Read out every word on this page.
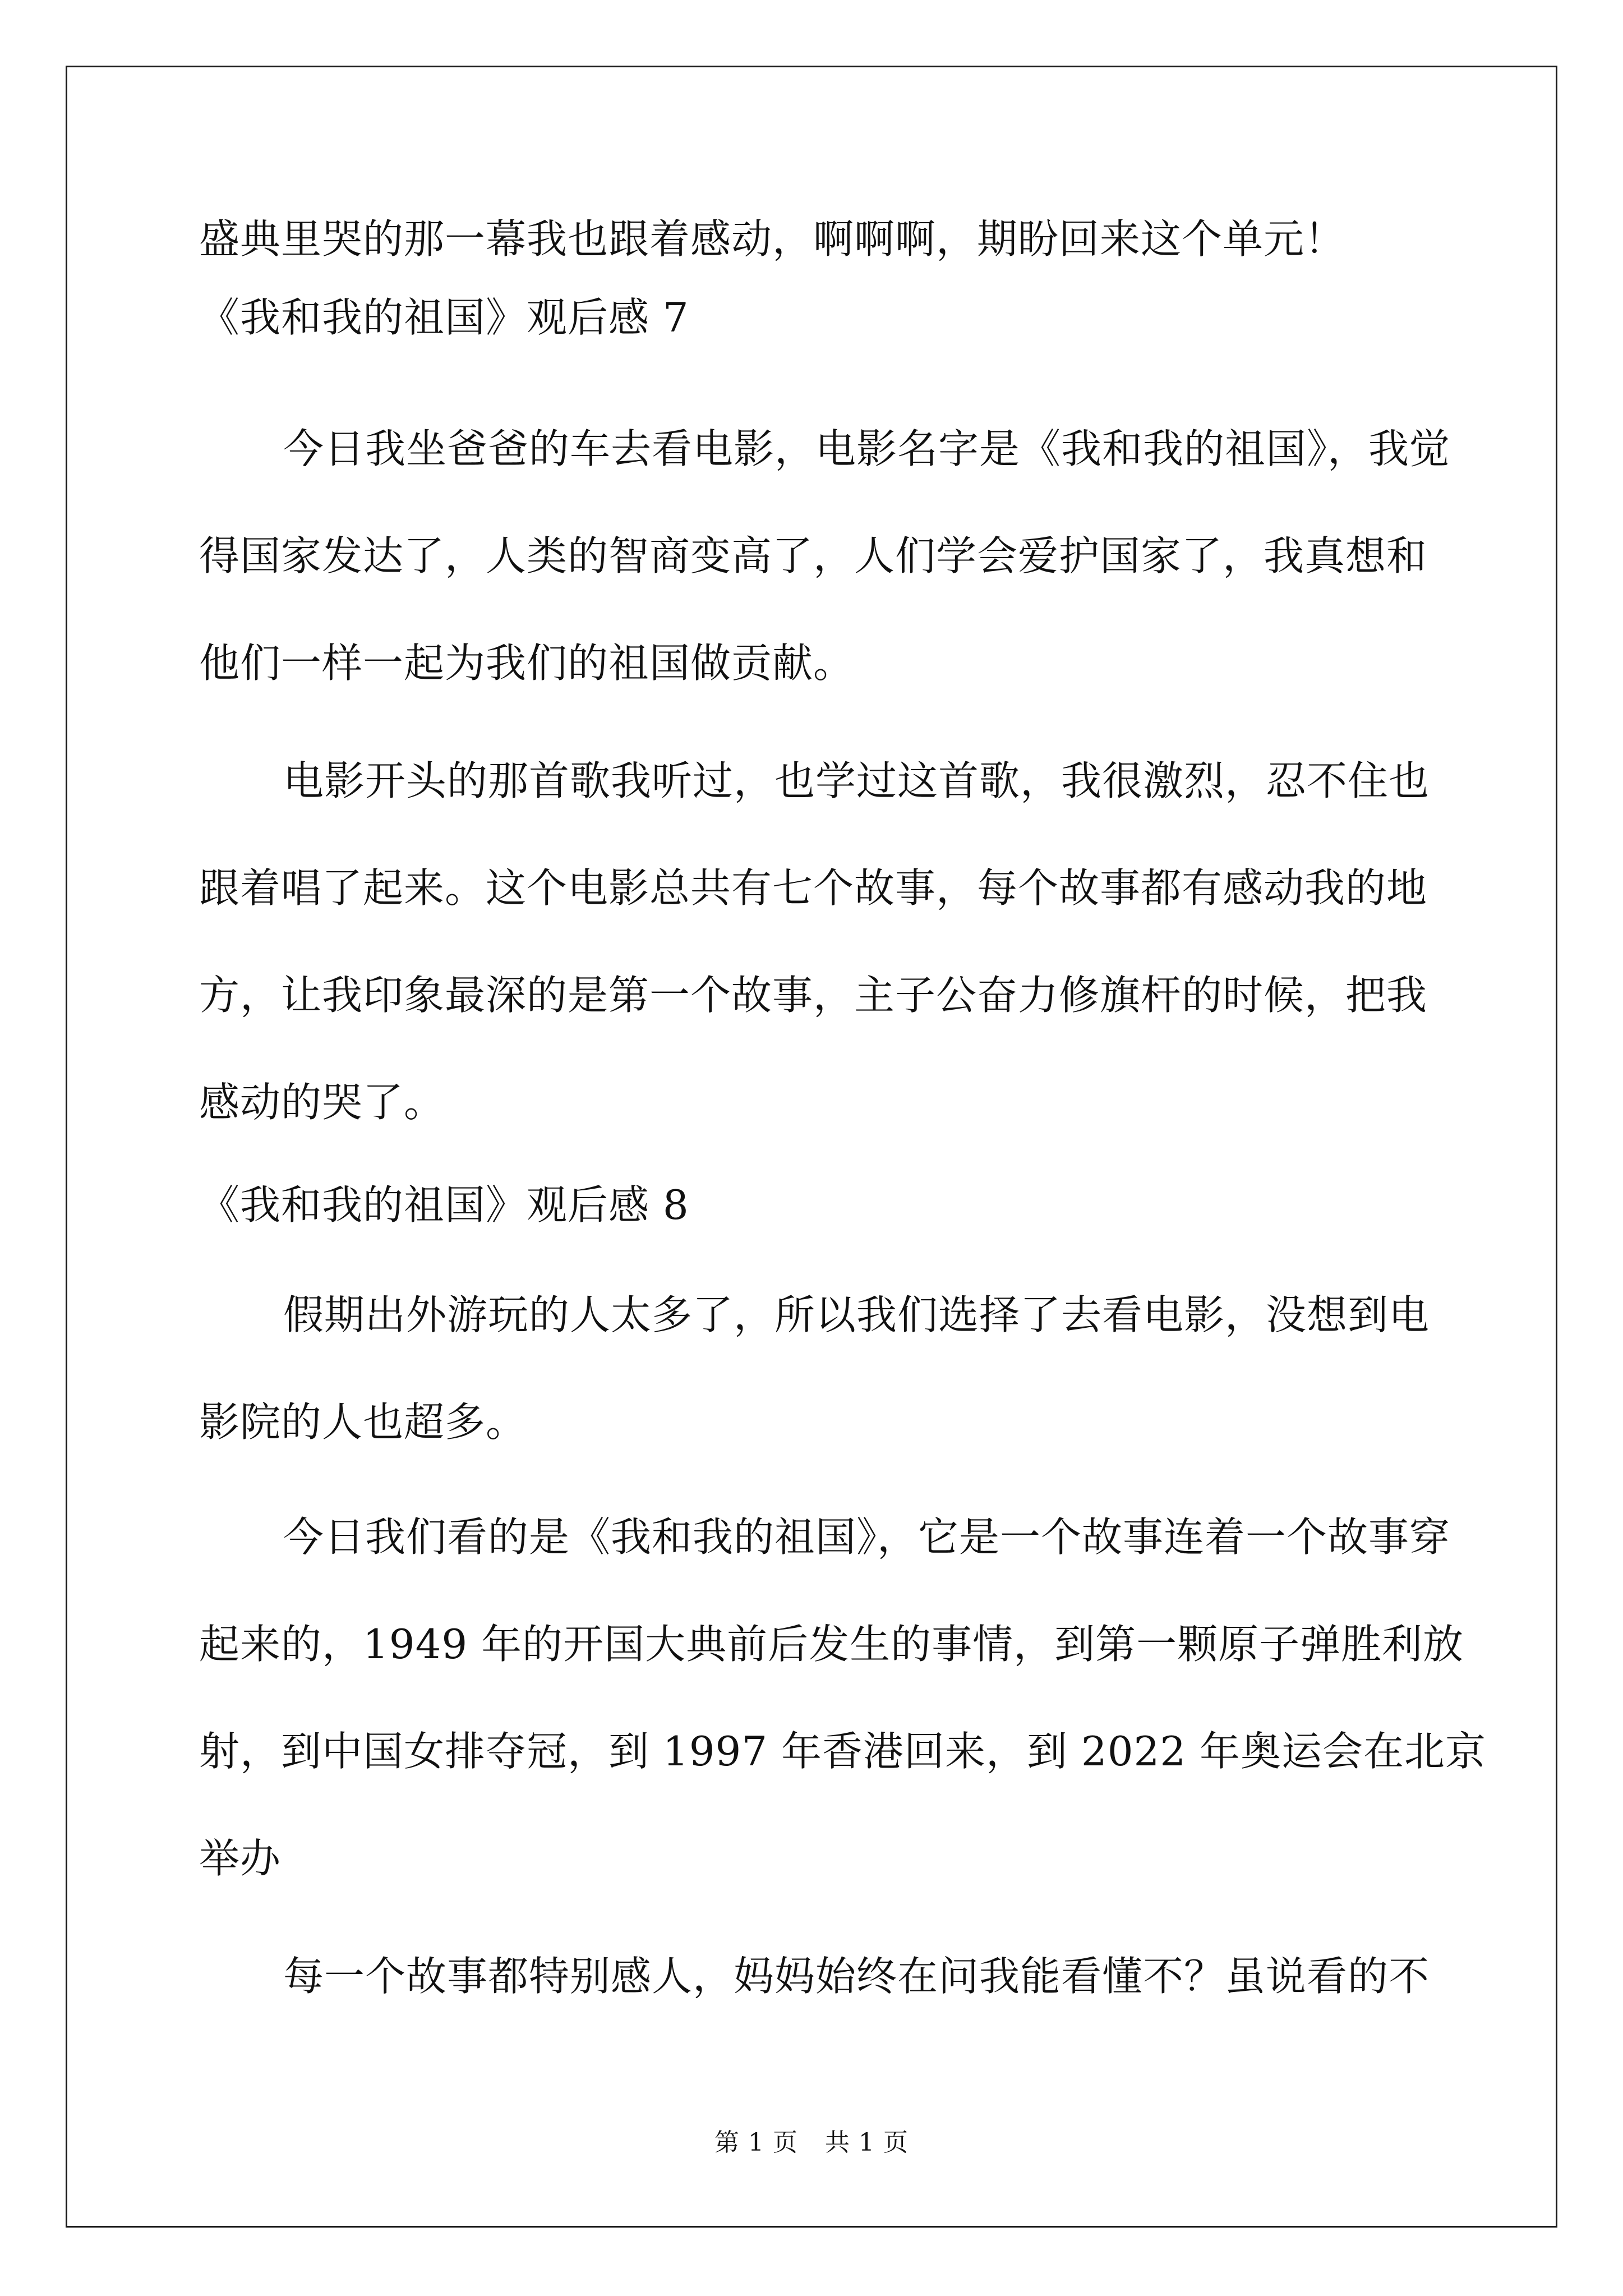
盛典里哭的那一幕我也跟着感动，啊啊啊，期盼回来这个单元！
《我和我的祖国》观后感 7
今日我坐爸爸的车去看电影，电影名字是《我和我的祖国》，我觉
得国家发达了，人类的智商变高了，人们学会爱护国家了，我真想和
他们一样一起为我们的祖国做贡献。
电影开头的那首歌我听过，也学过这首歌，我很激烈，忍不住也
跟着唱了起来。这个电影总共有七个故事，每个故事都有感动我的地
方，让我印象最深的是第一个故事，主子公奋力修旗杆的时候，把我
感动的哭了。
《我和我的祖国》观后感 8
假期出外游玩的人太多了，所以我们选择了去看电影，没想到电
影院的人也超多。
今日我们看的是《我和我的祖国》，它是一个故事连着一个故事穿
起来的，1949 年的开国大典前后发生的事情，到第一颗原子弹胜利放
射，到中国女排夺冠，到 1997 年香港回来，到 2022 年奥运会在北京
举办
每一个故事都特别感人，妈妈始终在问我能看懂不？虽说看的不
第 1 页 共 1 页
